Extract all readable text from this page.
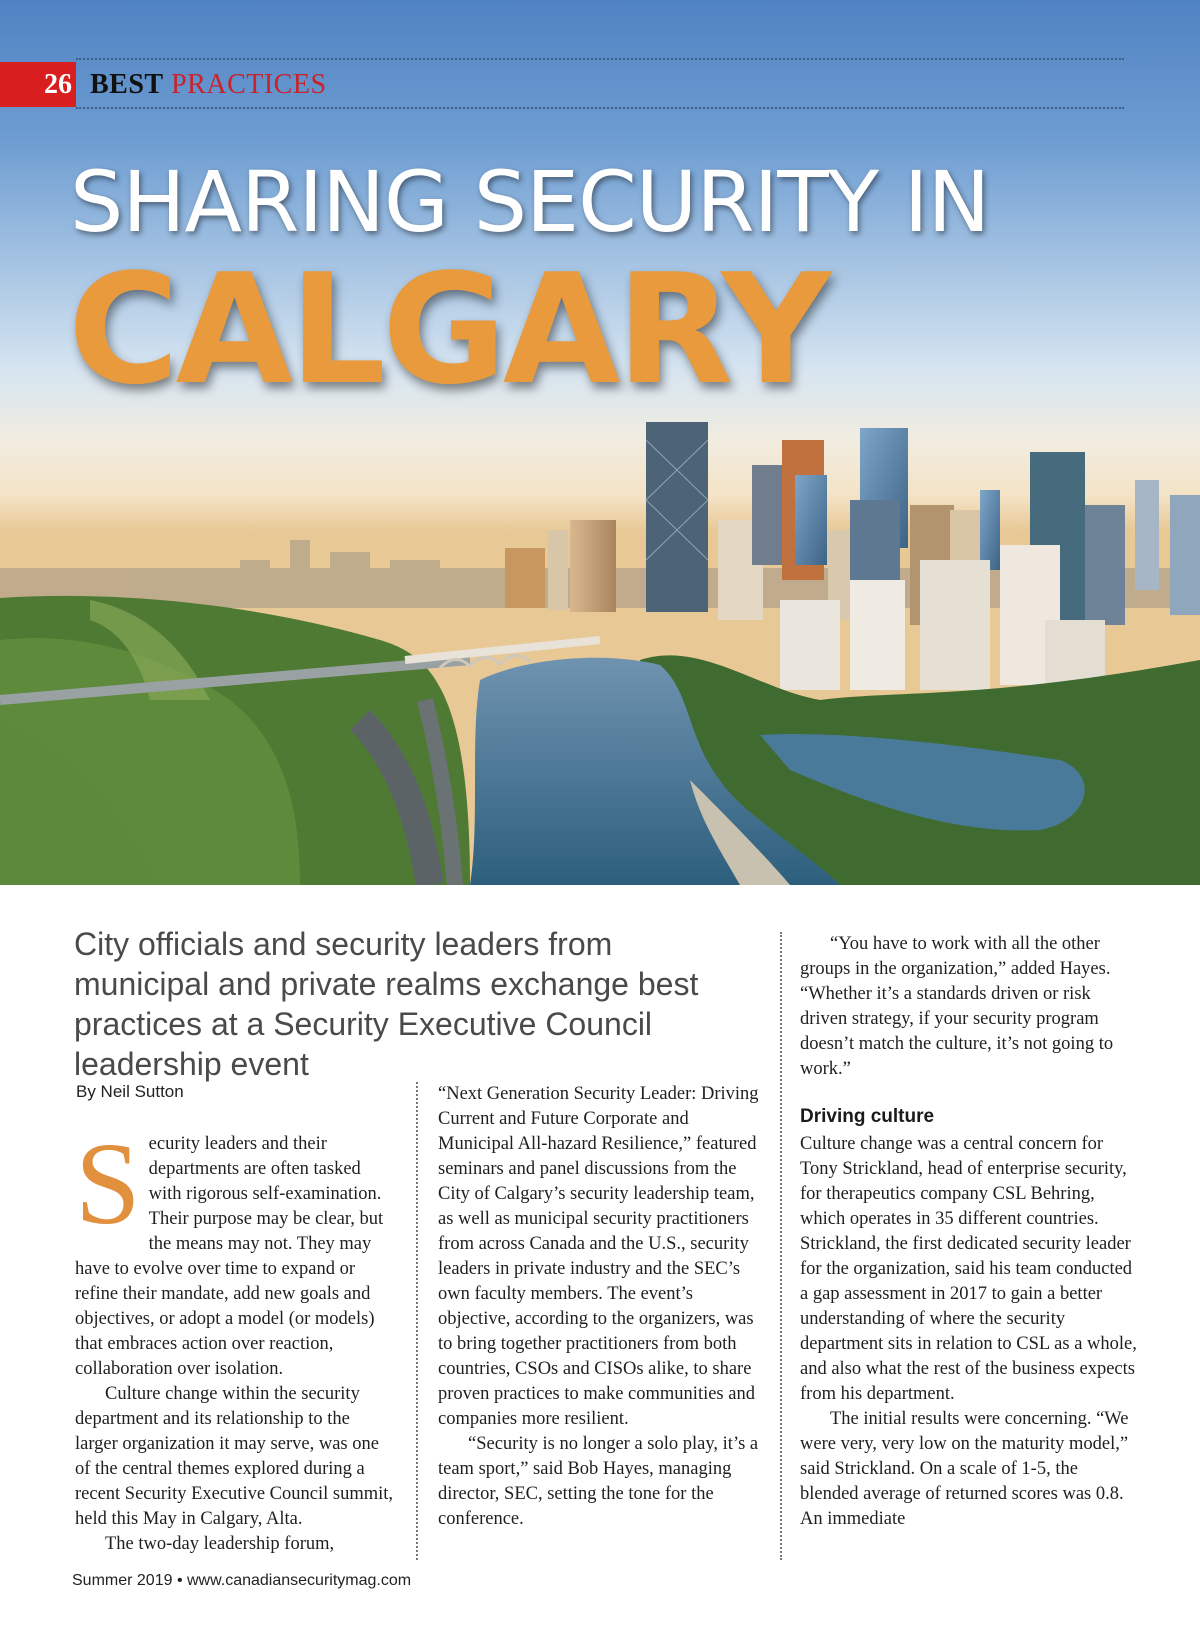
26 BEST PRACTICES
SHARING SECURITY IN
CALGARY
City officials and security leaders from municipal and private realms exchange best practices at a Security Executive Council leadership event
By Neil Sutton

S ecurity leaders and their departments are often tasked with rigorous self-examination. Their purpose may be clear, but the means may not. They may have to evolve over time to expand or refine their mandate, add new goals and objectives, or adopt a model (or models) that embraces action over reaction, collaboration over isolation.

Culture change within the security department and its relationship to the larger organization it may serve, was one of the central themes explored during a recent Security Executive Council summit, held this May in Calgary, Alta.

The two-day leadership forum,

“Next Generation Security Leader: Driving Current and Future Corporate and Municipal All-hazard Resilience,” featured seminars and panel discussions from the City of Calgary’s security leadership team, as well as municipal security practitioners from across Canada and the U.S., security leaders in private industry and the SEC’s own faculty members. The event’s objective, according to the organizers, was to bring together practitioners from both countries, CSOs and CISOs alike, to share proven practices to make communities and companies more resilient.

“Security is no longer a solo play, it’s a team sport,” said Bob Hayes, managing director, SEC, setting the tone for the conference.

“You have to work with all the other groups in the organization,” added Hayes. “Whether it’s a standards driven or risk driven strategy, if your security program doesn’t match the culture, it’s not going to work.”

Driving culture

Culture change was a central concern for Tony Strickland, head of enterprise security, for therapeutics company CSL Behring, which operates in 35 different countries. Strickland, the first dedicated security leader for the organization, said his team conducted a gap assessment in 2017 to gain a better understanding of where the security department sits in relation to CSL as a whole, and also what the rest of the business expects from his department.

The initial results were concerning. “We were very, very low on the maturity model,” said Strickland. On a scale of 1-5, the blended average of returned scores was 0.8. An immediate

Summer 2019 • www.canadiansecuritymag.com
